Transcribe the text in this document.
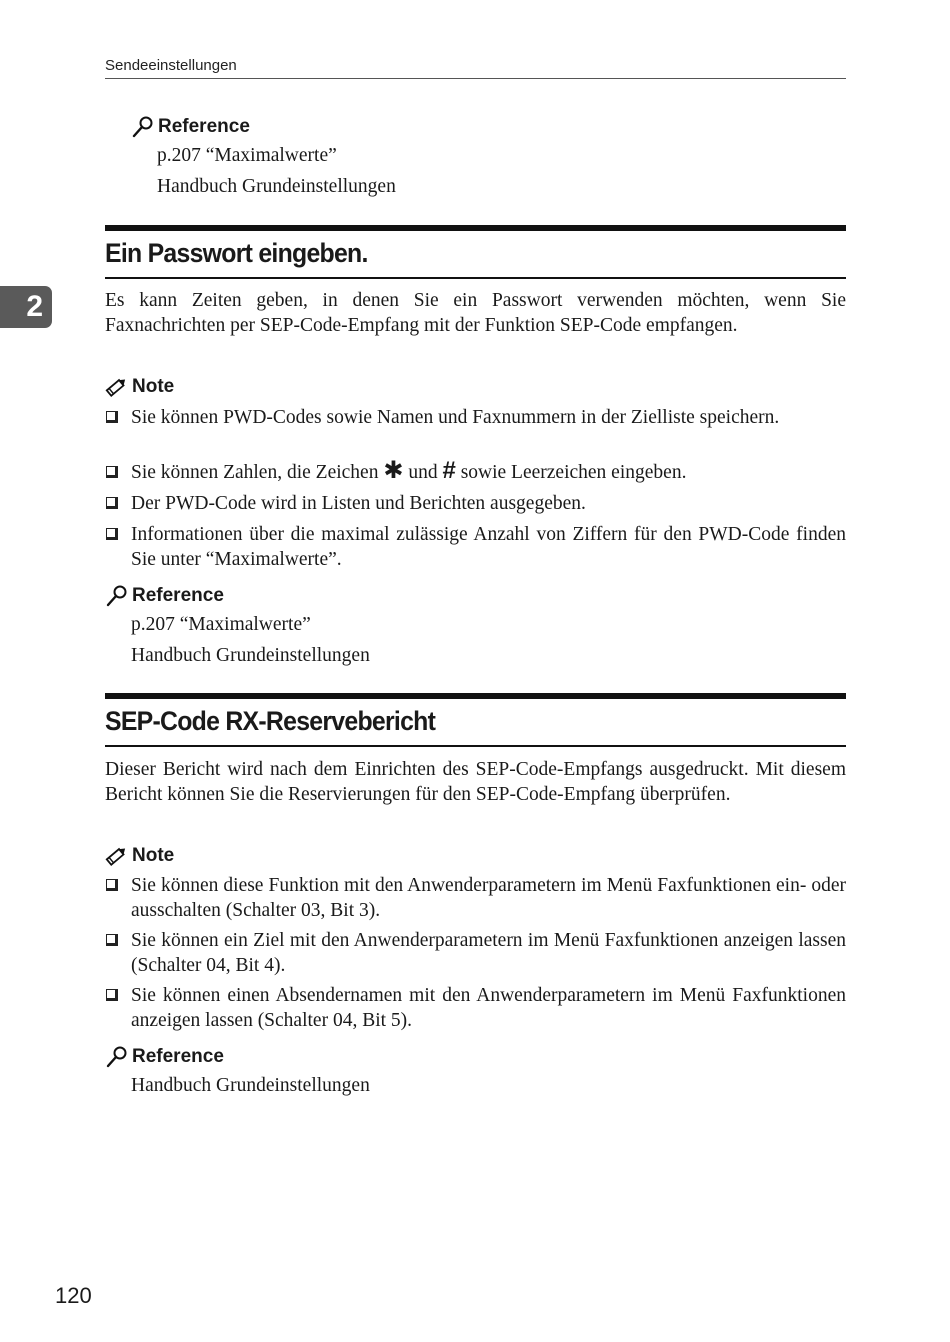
Sendeeinstellungen
2
Reference
p.207 “Maximalwerte”
Handbuch Grundeinstellungen
Ein Passwort eingeben.
Es kann Zeiten geben, in denen Sie ein Passwort verwenden möchten, wenn Sie Faxnachrichten per SEP-Code-Empfang mit der Funktion SEP-Code empfangen.
Note
Sie können PWD-Codes sowie Namen und Faxnummern in der Zielliste speichern.
Sie können Zahlen, die Zeichen ✱ und # sowie Leerzeichen eingeben.
Der PWD-Code wird in Listen und Berichten ausgegeben.
Informationen über die maximal zulässige Anzahl von Ziffern für den PWD-Code finden Sie unter “Maximalwerte”.
Reference
p.207 “Maximalwerte”
Handbuch Grundeinstellungen
SEP-Code RX-Reservebericht
Dieser Bericht wird nach dem Einrichten des SEP-Code-Empfangs ausgedruckt. Mit diesem Bericht können Sie die Reservierungen für den SEP-Code-Empfang überprüfen.
Note
Sie können diese Funktion mit den Anwenderparametern im Menü Faxfunktionen ein- oder ausschalten (Schalter 03, Bit 3).
Sie können ein Ziel mit den Anwenderparametern im Menü Faxfunktionen anzeigen lassen (Schalter 04, Bit 4).
Sie können einen Absendernamen mit den Anwenderparametern im Menü Faxfunktionen anzeigen lassen (Schalter 04, Bit 5).
Reference
Handbuch Grundeinstellungen
120
